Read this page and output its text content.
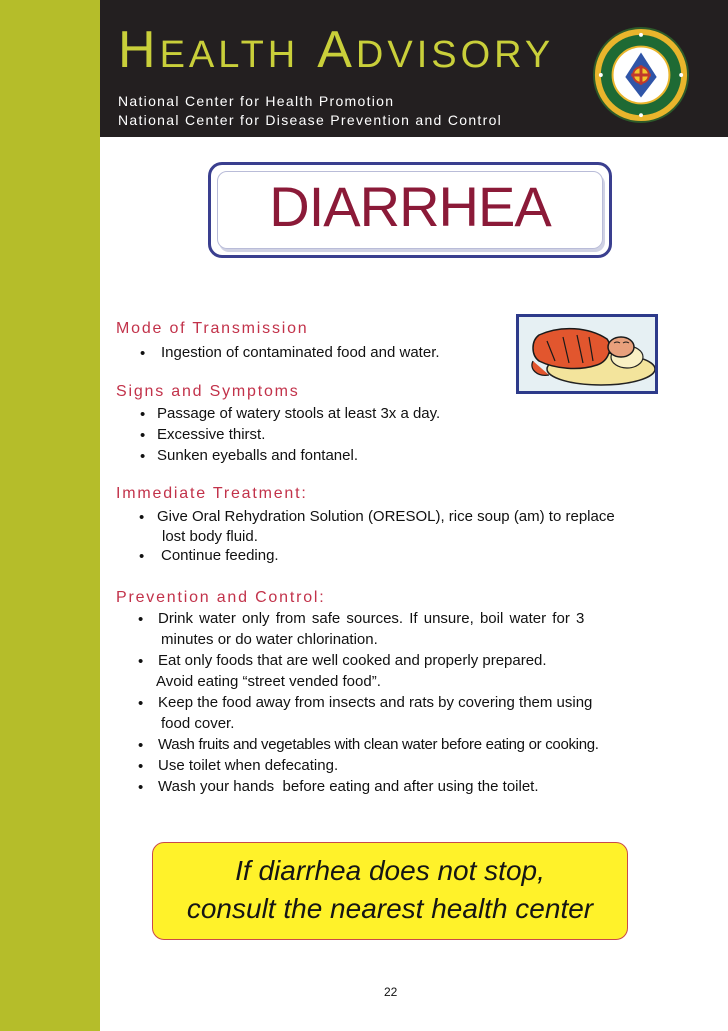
HEALTH ADVISORY
National Center for Health Promotion
National Center for Disease Prevention and Control
DIARRHEA
Mode of Transmission
• Ingestion of contaminated food and water.
Signs and Symptoms
• Passage of watery stools at least 3x a day.
• Excessive thirst.
• Sunken eyeballs and fontanel.
Immediate Treatment:
• Give Oral Rehydration Solution (ORESOL), rice soup (am) to replace
lost body fluid.
• Continue feeding.
Prevention and Control:
• Drink water only from safe sources. If unsure, boil water for 3
minutes or do water chlorination.
• Eat only foods that are well cooked and properly prepared.
Avoid eating “street vended food”.
• Keep the food away from insects and rats by covering them using
food cover.
• Wash fruits and vegetables with clean water before eating or cooking.
• Use toilet when defecating.
• Wash your hands  before eating and after using the toilet.
If diarrhea does not stop,
consult the nearest health center
22
